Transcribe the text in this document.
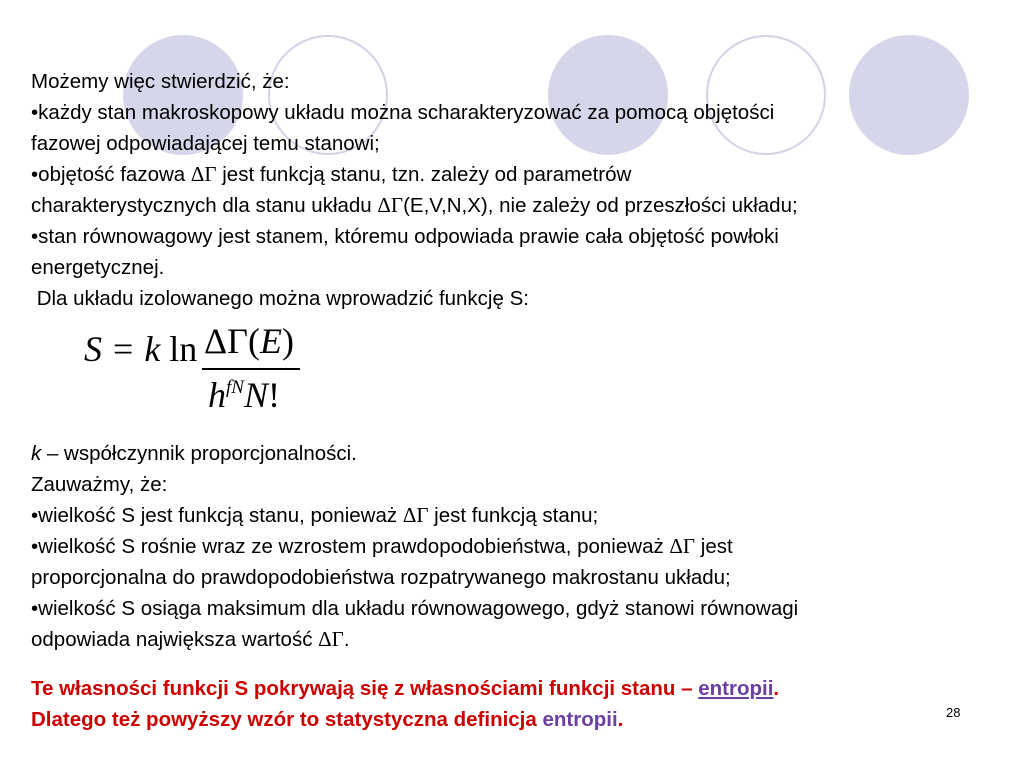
Możemy więc stwierdzić, że:
•każdy stan makroskopowy układu można scharakteryzować za pomocą objętości
fazowej odpowiadającej temu stanowi;
•objętość fazowa ΔΓ jest funkcją stanu, tzn. zależy od parametrów
charakterystycznych dla stanu układu ΔΓ(E,V,N,X), nie zależy od przeszłości układu;
•stan równowagowy jest stanem, któremu odpowiada prawie cała objętość powłoki
energetycznej.
Dla układu izolowanego można wprowadzić funkcję S:
S = k ln ΔΓ(E)
$h^{fN}N$!
k – współczynnik proporcjonalności.
Zauważmy, że:
•wielkość S jest funkcją stanu, ponieważ ΔΓ jest funkcją stanu;
•wielkość S rośnie wraz ze wzrostem prawdopodobieństwa, ponieważ ΔΓ jest
proporcjonalna do prawdopodobieństwa rozpatrywanego makrostanu układu;
•wielkość S osiąga maksimum dla układu równowagowego, gdyż stanowi równowagi
odpowiada największa wartość ΔΓ.
Te własności funkcji S pokrywają się z własnościami funkcji stanu – entropii.
Dlatego też powyższy wzór to statystyczna definicja entropii.	28
